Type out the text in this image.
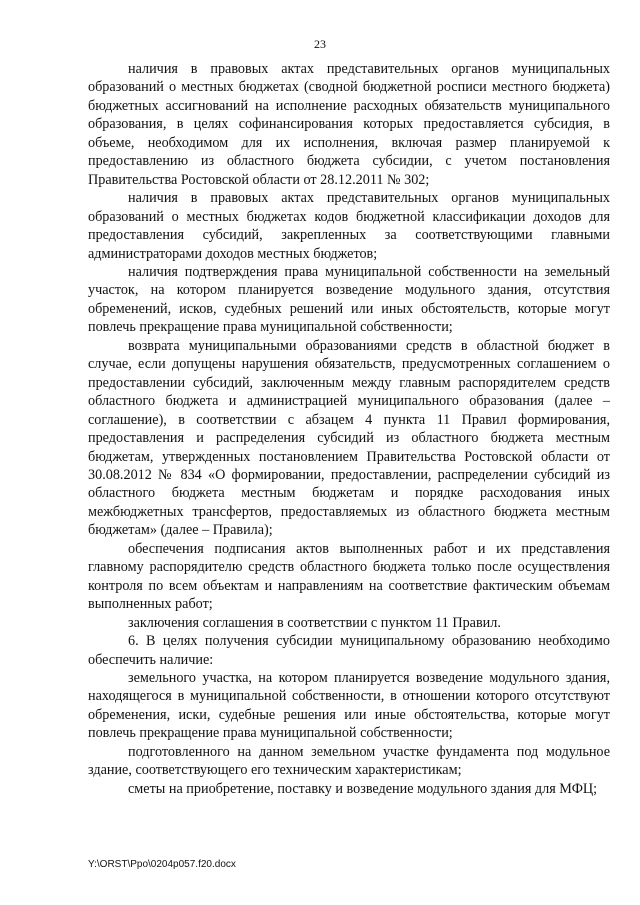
23

наличия в правовых актах представительных органов муниципальных образований о местных бюджетах (сводной бюджетной росписи местного бюджета) бюджетных ассигнований на исполнение расходных обязательств муниципального образования, в целях софинансирования которых предоставляется субсидия, в объеме, необходимом для их исполнения, включая размер планируемой к предоставлению из областного бюджета субсидии, с учетом постановления Правительства Ростовской области от 28.12.2011 № 302;

наличия в правовых актах представительных органов муниципальных образований о местных бюджетах кодов бюджетной классификации доходов для предоставления субсидий, закрепленных за соответствующими главными администраторами доходов местных бюджетов;

наличия подтверждения права муниципальной собственности на земельный участок, на котором планируется возведение модульного здания, отсутствия обременений, исков, судебных решений или иных обстоятельств, которые могут повлечь прекращение права муниципальной собственности;

возврата муниципальными образованиями средств в областной бюджет в случае, если допущены нарушения обязательств, предусмотренных соглашением о предоставлении субсидий, заключенным между главным распорядителем средств областного бюджета и администрацией муниципального образования (далее – соглашение), в соответствии с абзацем 4 пункта 11 Правил формирования, предоставления и распределения субсидий из областного бюджета местным бюджетам, утвержденных постановлением Правительства Ростовской области от 30.08.2012 № 834 «О формировании, предоставлении, распределении субсидий из областного бюджета местным бюджетам и порядке расходования иных межбюджетных трансфертов, предоставляемых из областного бюджета местным бюджетам» (далее – Правила);

обеспечения подписания актов выполненных работ и их представления главному распорядителю средств областного бюджета только после осуществления контроля по всем объектам и направлениям на соответствие фактическим объемам выполненных работ;

заключения соглашения в соответствии с пунктом 11 Правил.

6. В целях получения субсидии муниципальному образованию необходимо обеспечить наличие:

земельного участка, на котором планируется возведение модульного здания, находящегося в муниципальной собственности, в отношении которого отсутствуют обременения, иски, судебные решения или иные обстоятельства, которые могут повлечь прекращение права муниципальной собственности;

подготовленного на данном земельном участке фундамента под модульное здание, соответствующего его техническим характеристикам;

сметы на приобретение, поставку и возведение модульного здания для МФЦ;

Y:\ORST\Ppo\0204p057.f20.docx
